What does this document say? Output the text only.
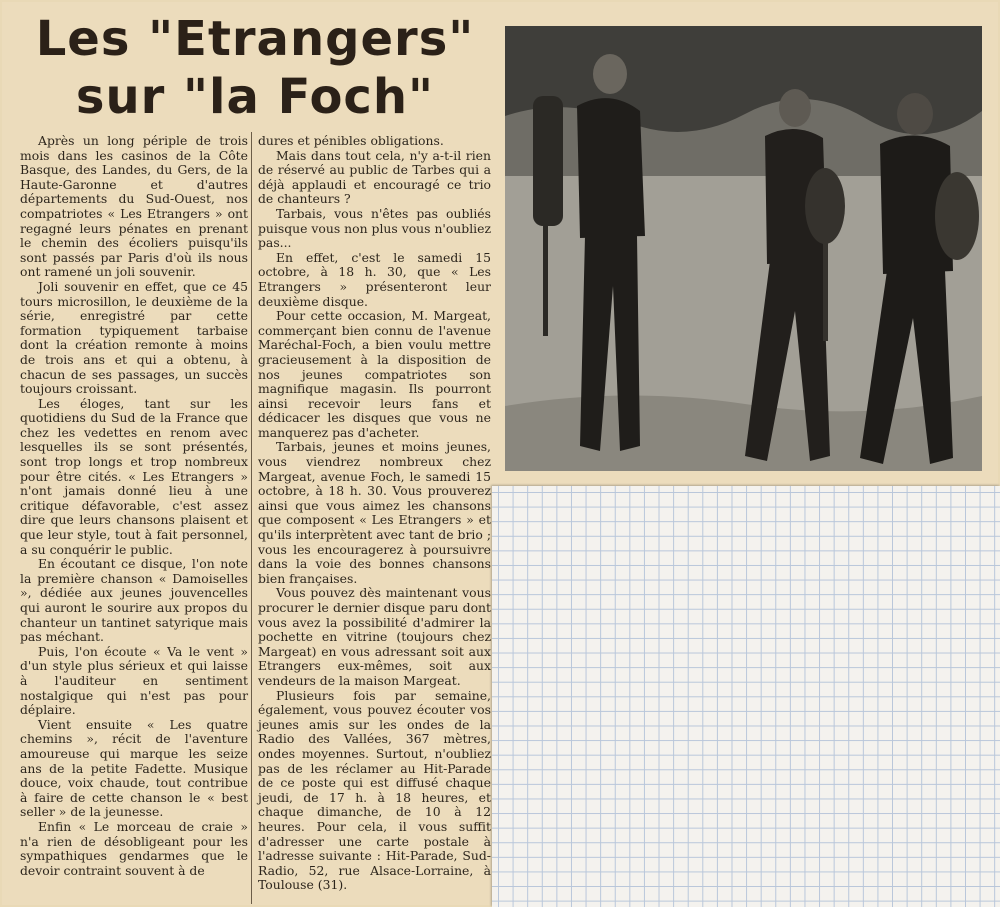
Les "Etrangers"
sur "la Foch"

Après un long périple de trois mois dans les casinos de la Côte Basque, des Landes, du Gers, de la Haute-Garonne et d'autres départements du Sud-Ouest, nos compatriotes « Les Etrangers » ont regagné leurs pénates en prenant le chemin des écoliers puisqu'ils sont passés par Paris d'où ils nous ont ramené un joli souvenir.

Joli souvenir en effet, que ce 45 tours microsillon, le deuxième de la série, enregistré par cette formation typiquement tarbaise dont la création remonte à moins de trois ans et qui a obtenu, à chacun de ses passages, un succès toujours croissant.

Les éloges, tant sur les quotidiens du Sud de la France que chez les vedettes en renom avec lesquelles ils se sont présentés, sont trop longs et trop nombreux pour être cités. « Les Etrangers » n'ont jamais donné lieu à une critique défavorable, c'est assez dire que leurs chansons plaisent et que leur style, tout à fait personnel, a su conquérir le public.

En écoutant ce disque, l'on note la première chanson « Damoiselles », dédiée aux jeunes jouvencelles qui auront le sourire aux propos du chanteur un tantinet satyrique mais pas méchant.

Puis, l'on écoute « Va le vent » d'un style plus sérieux et qui laisse à l'auditeur en sentiment nostalgique qui n'est pas pour déplaire.

Vient ensuite « Les quatre chemins », récit de l'aventure amoureuse qui marque les seize ans de la petite Fadette. Musique douce, voix chaude, tout contribue à faire de cette chanson le « best seller » de la jeunesse.

Enfin « Le morceau de craie » n'a rien de désobligeant pour les sympathiques gendarmes que le devoir contraint souvent à de

dures et pénibles obligations.

Mais dans tout cela, n'y a-t-il rien de réservé au public de Tarbes qui a déjà applaudi et encouragé ce trio de chanteurs ?

Tarbais, vous n'êtes pas oubliés puisque vous non plus vous n'oubliez pas...

En effet, c'est le samedi 15 octobre, à 18 h. 30, que « Les Etrangers » présenteront leur deuxième disque.

Pour cette occasion, M. Margeat, commerçant bien connu de l'avenue Maréchal-Foch, a bien voulu mettre gracieusement à la disposition de nos jeunes compatriotes son magnifique magasin. Ils pourront ainsi recevoir leurs fans et dédicacer les disques que vous ne manquerez pas d'acheter.

Tarbais, jeunes et moins jeunes, vous viendrez nombreux chez Margeat, avenue Foch, le samedi 15 octobre, à 18 h. 30. Vous prouverez ainsi que vous aimez les chansons que composent « Les Etrangers » et qu'ils interprètent avec tant de brio ; vous les encouragerez à poursuivre dans la voie des bonnes chansons bien françaises.

Vous pouvez dès maintenant vous procurer le dernier disque paru dont vous avez la possibilité d'admirer la pochette en vitrine (toujours chez Margeat) en vous adressant soit aux Etrangers eux-mêmes, soit aux vendeurs de la maison Margeat.

Plusieurs fois par semaine, également, vous pouvez écouter vos jeunes amis sur les ondes de la Radio des Vallées, 367 mètres, ondes moyennes. Surtout, n'oubliez pas de les réclamer au Hit-Parade de ce poste qui est diffusé chaque jeudi, de 17 h. à 18 heures, et chaque dimanche, de 10 à 12 heures. Pour cela, il vous suffit d'adresser une carte postale à l'adresse suivante : Hit-Parade, Sud-Radio, 52, rue Alsace-Lorraine, à Toulouse (31).
